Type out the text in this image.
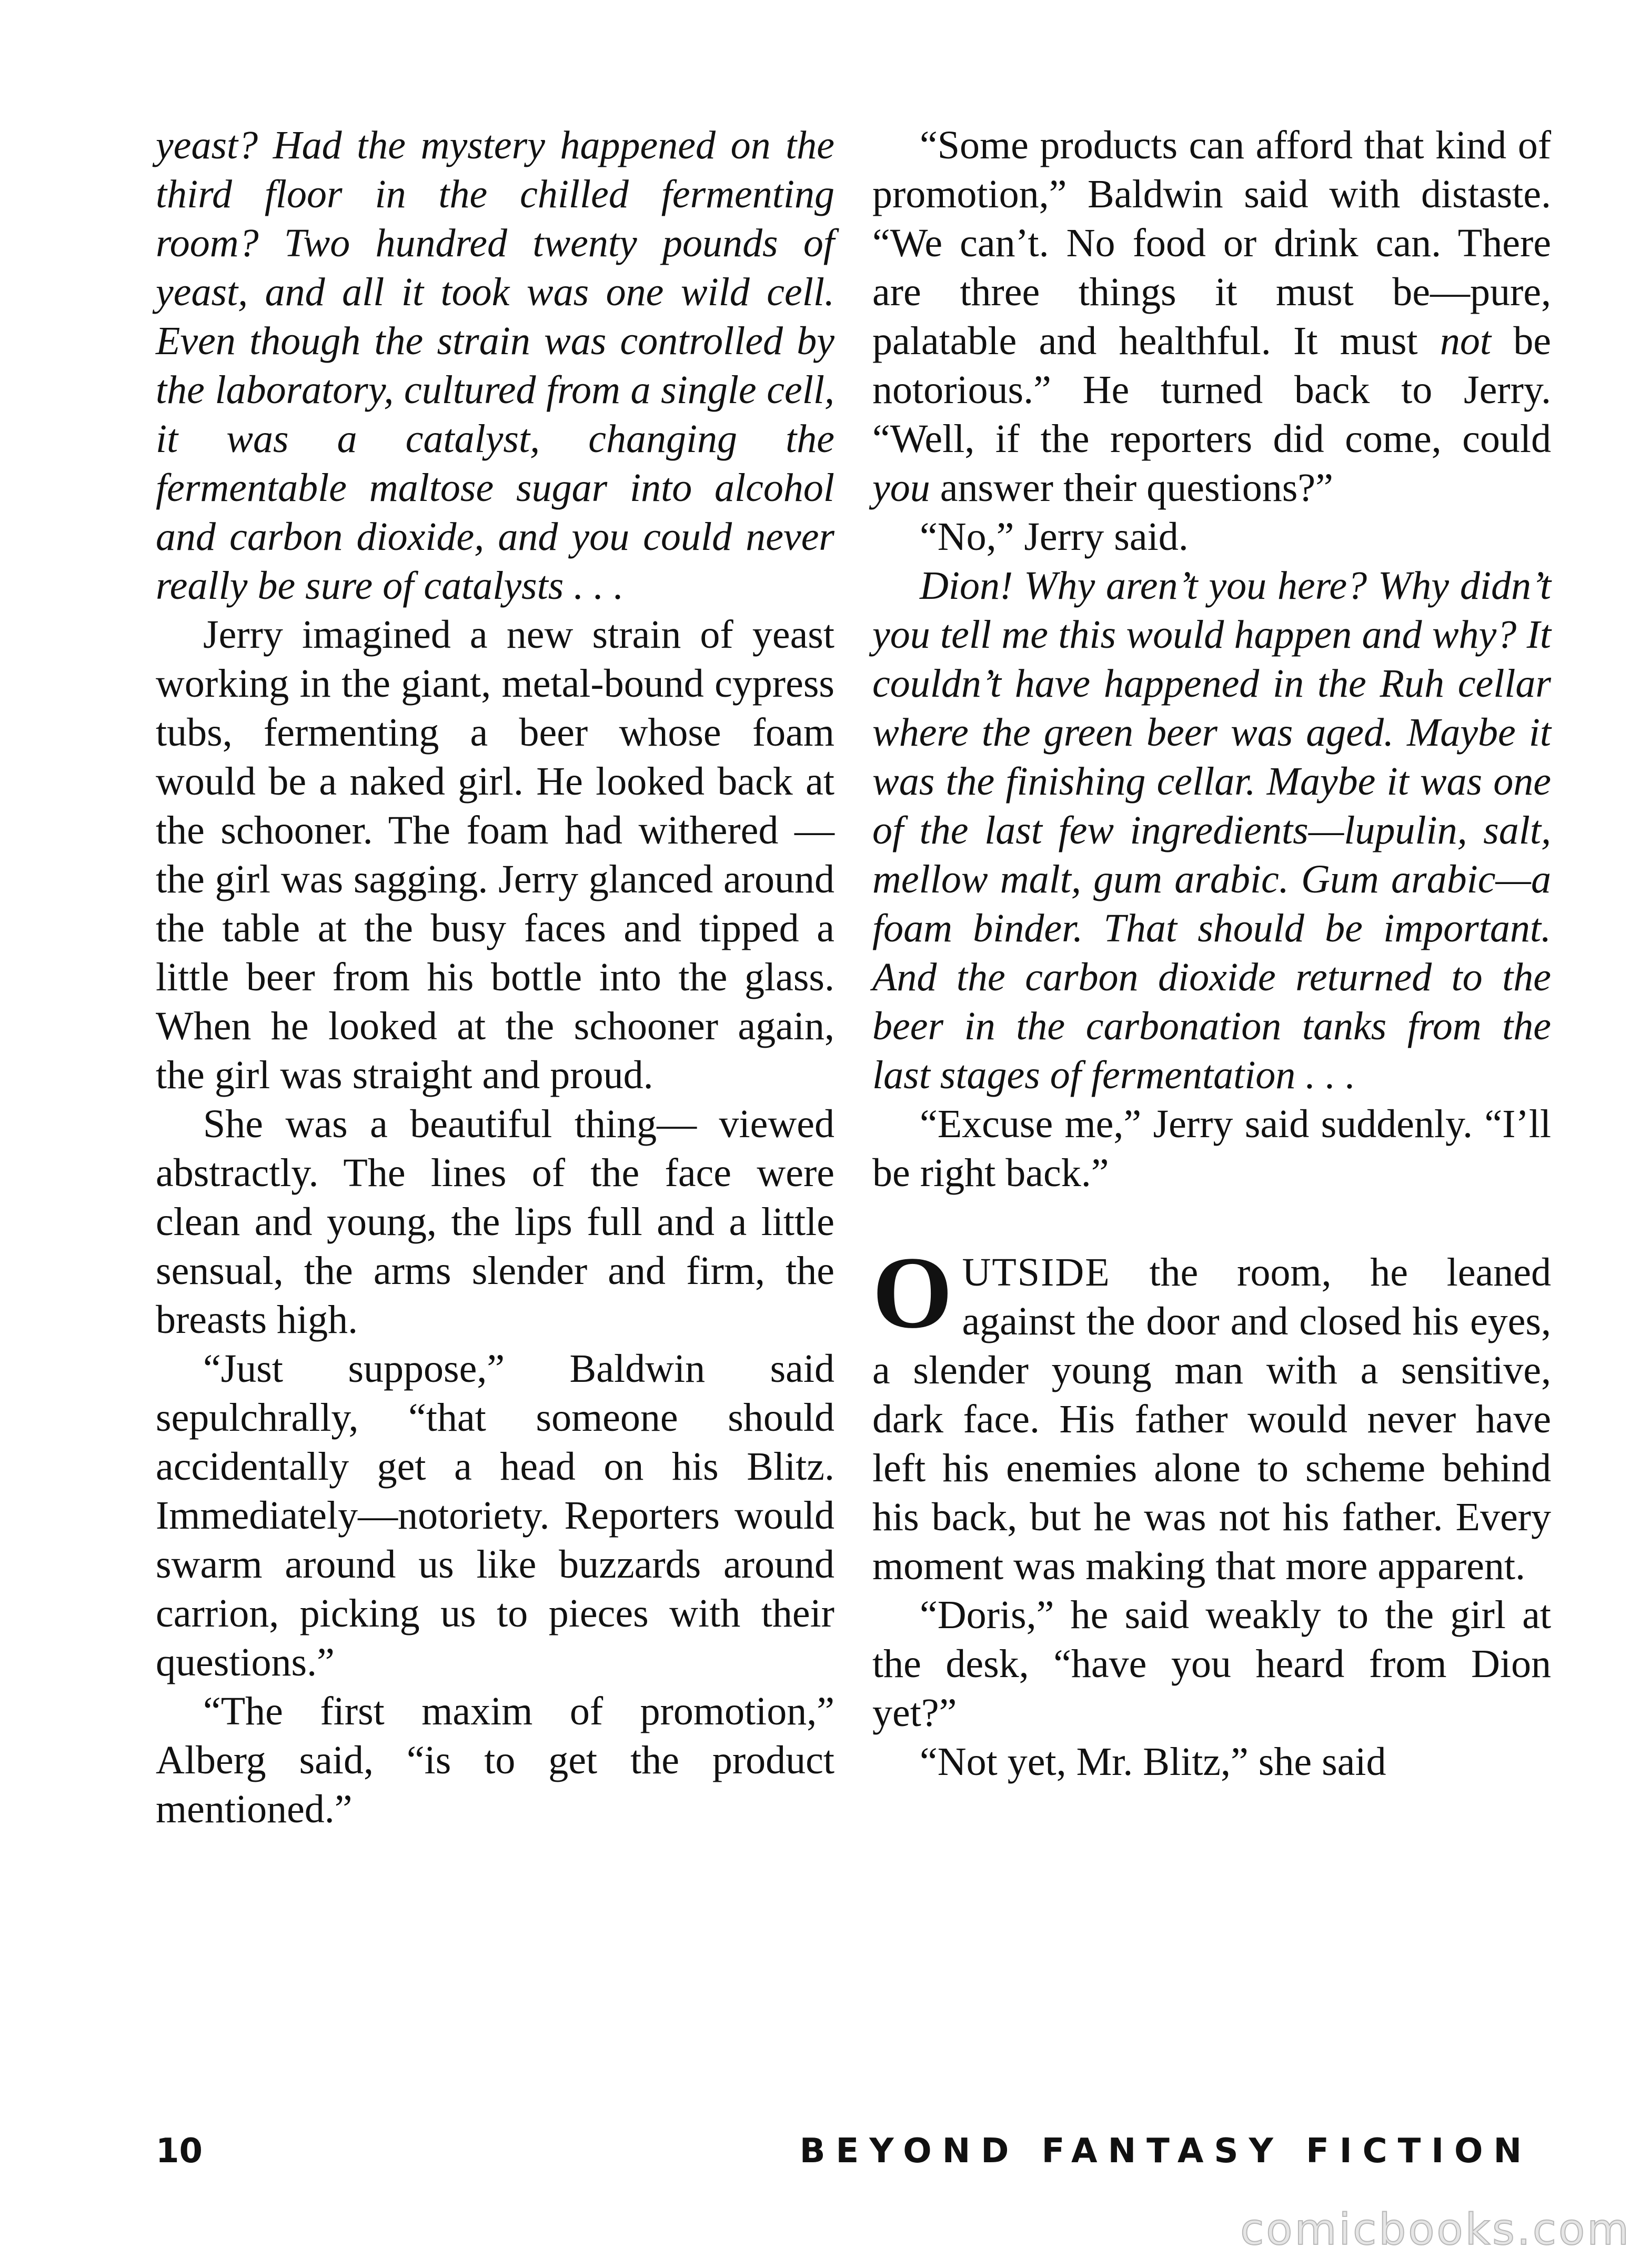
yeast? Had the mystery happened on the third floor in the chilled fermenting room? Two hundred twenty pounds of yeast, and all it took was one wild cell. Even though the strain was controlled by the laboratory, cultured from a single cell, it was a catalyst, changing the fermentable maltose sugar into alcohol and carbon dioxide, and you could never really be sure of catalysts . . .

Jerry imagined a new strain of yeast working in the giant, metal-bound cypress tubs, fermenting a beer whose foam would be a naked girl. He looked back at the schooner. The foam had withered —the girl was sagging. Jerry glanced around the table at the busy faces and tipped a little beer from his bottle into the glass. When he looked at the schooner again, the girl was straight and proud.

She was a beautiful thing— viewed abstractly. The lines of the face were clean and young, the lips full and a little sensual, the arms slender and firm, the breasts high.

“Just suppose,” Baldwin said sepulchrally, “that someone should accidentally get a head on his Blitz. Immediately—notoriety. Reporters would swarm around us like buzzards around carrion, picking us to pieces with their questions.”

“The first maxim of promotion,” Alberg said, “is to get the product mentioned.”

“Some products can afford that kind of promotion,” Baldwin said with distaste. “We can’t. No food or drink can. There are three things it must be—pure, palatable and healthful. It must not be notorious.” He turned back to Jerry. “Well, if the reporters did come, could you answer their questions?”

“No,” Jerry said.

Dion! Why aren’t you here? Why didn’t you tell me this would happen and why? It couldn’t have happened in the Ruh cellar where the green beer was aged. Maybe it was the finishing cellar. Maybe it was one of the last few ingredients—lupulin, salt, mellow malt, gum arabic. Gum arabic—a foam binder. That should be important. And the carbon dioxide returned to the beer in the carbonation tanks from the last stages of fermentation . . .

“Excuse me,” Jerry said suddenly. “I’ll be right back.”

OUTSIDE the room, he leaned against the door and closed his eyes, a slender young man with a sensitive, dark face. His father would never have left his enemies alone to scheme behind his back, but he was not his father. Every moment was making that more apparent.

“Doris,” he said weakly to the girl at the desk, “have you heard from Dion yet?”

“Not yet, Mr. Blitz,” she said

10	BEYOND FANTASY FICTION
comicbooks.com
